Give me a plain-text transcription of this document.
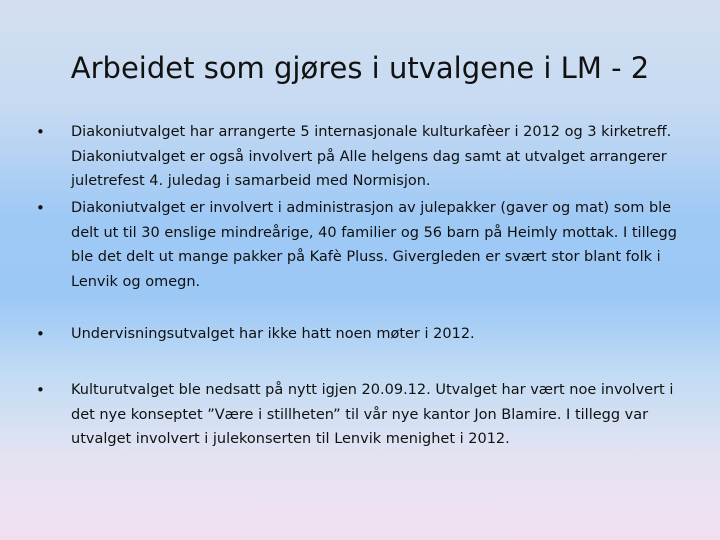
Arbeidet som gjøres i utvalgene i LM - 2
•	Diakoniutvalget har arrangerte 5 internasjonale kulturkafèer i 2012 og 3 kirketreff. Diakoniutvalget er også involvert på Alle helgens dag samt at utvalget arrangerer juletrefest 4. juledag i samarbeid med Normisjon.
•	Diakoniutvalget er involvert i administrasjon av julepakker (gaver og mat) som ble delt ut til 30 enslige mindreårige, 40 familier og 56 barn på Heimly mottak. I tillegg ble det delt ut mange pakker på Kafè Pluss. Givergleden er svært stor blant folk i Lenvik og omegn.
•	Undervisningsutvalget har ikke hatt noen møter i 2012.
•	Kulturutvalget ble nedsatt på nytt igjen 20.09.12. Utvalget har vært noe involvert i det nye konseptet ”Være i stillheten” til vår nye kantor Jon Blamire. I tillegg var utvalget involvert i julekonserten til Lenvik menighet i 2012.
